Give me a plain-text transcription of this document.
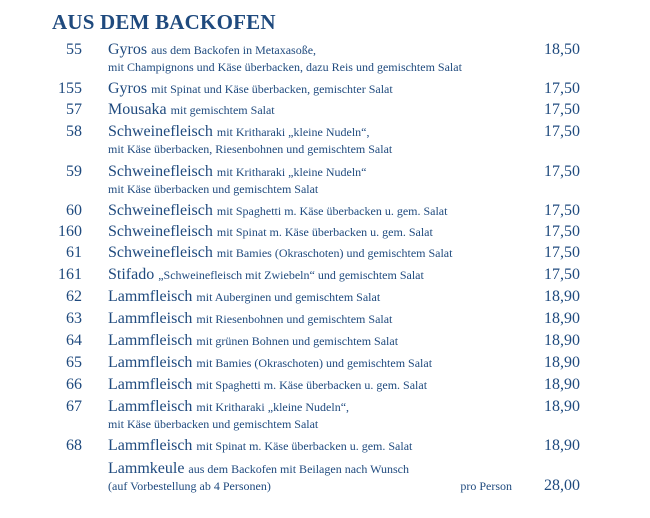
AUS DEM BACKOFEN
55 Gyros aus dem Backofen in Metaxasoße,
mit Champignons und Käse überbacken, dazu Reis und gemischtem Salat
18,50
155 Gyros mit Spinat und Käse überbacken, gemischter Salat	17,50
57 Mousaka mit gemischtem Salat	17,50
58 Schweinefleisch mit Kritharaki „kleine Nudeln“,
mit Käse überbacken, Riesenbohnen und gemischtem Salat
17,50
59 Schweinefleisch mit Kritharaki „kleine Nudeln“
mit Käse überbacken und gemischtem Salat
17,50
60 Schweinefleisch mit Spaghetti m. Käse überbacken u. gem. Salat	17,50
160 Schweinefleisch mit Spinat m. Käse überbacken u. gem. Salat	17,50
61 Schweinefleisch mit Bamies (Okraschoten) und gemischtem Salat	17,50
161 Stifado „Schweinefleisch mit Zwiebeln“ und gemischtem Salat	17,50
62 Lammfleisch mit Auberginen und gemischtem Salat	18,90
63 Lammfleisch mit Riesenbohnen und gemischtem Salat	18,90
64 Lammfleisch mit grünen Bohnen und gemischtem Salat	18,90
65 Lammfleisch mit Bamies (Okraschoten) und gemischtem Salat	18,90
66 Lammfleisch mit Spaghetti m. Käse überbacken u. gem. Salat	18,90
67 Lammfleisch mit Kritharaki „kleine Nudeln“,
mit Käse überbacken und gemischtem Salat
18,90
68 Lammfleisch mit Spinat m. Käse überbacken u. gem. Salat	18,90
Lammkeule aus dem Backofen mit Beilagen nach Wunsch
(auf Vorbestellung ab 4 Personen)	pro Person 28,00
